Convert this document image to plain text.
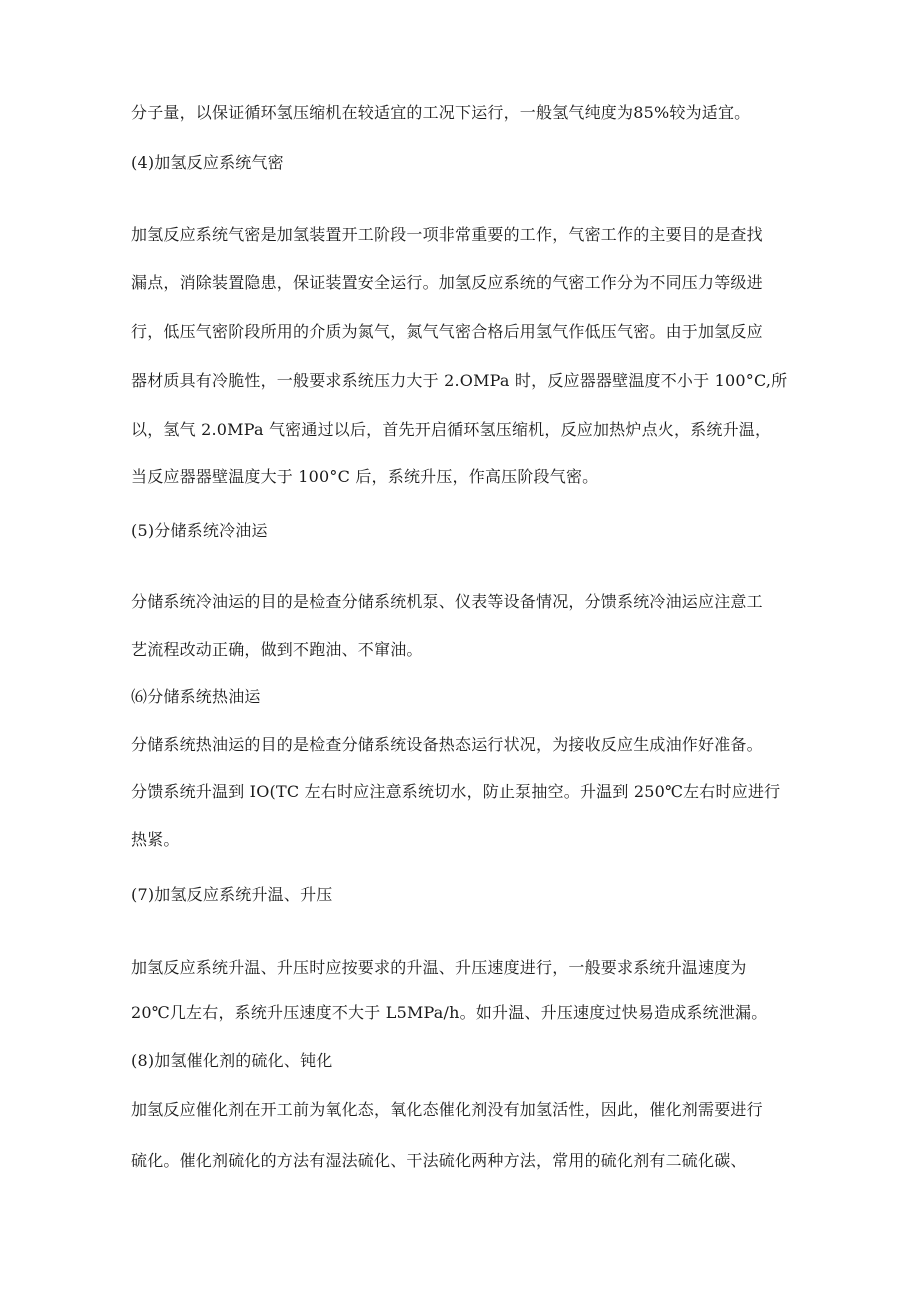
分子量，以保证循环氢压缩机在较适宜的工况下运行，一般氢气纯度为85%较为适宜。
(4)加氢反应系统气密
加氢反应系统气密是加氢装置开工阶段一项非常重要的工作，气密工作的主要目的是查找
漏点，消除装置隐患，保证装置安全运行。加氢反应系统的气密工作分为不同压力等级进
行，低压气密阶段所用的介质为氮气，氮气气密合格后用氢气作低压气密。由于加氢反应
器材质具有冷脆性，一般要求系统压力大于 2.OMPa 时，反应器器壁温度不小于 100°C,所
以，氢气 2.0MPa 气密通过以后，首先开启循环氢压缩机，反应加热炉点火，系统升温，
当反应器器壁温度大于 100°C 后，系统升压，作高压阶段气密。
(5)分储系统冷油运
分储系统冷油运的目的是检查分储系统机泵、仪表等设备情况，分馈系统冷油运应注意工
艺流程改动正确，做到不跑油、不窜油。
⑹分储系统热油运
分储系统热油运的目的是检查分储系统设备热态运行状况，为接收反应生成油作好准备。
分馈系统升温到 IO(TC 左右时应注意系统切水，防止泵抽空。升温到 250℃左右时应进行
热紧。
(7)加氢反应系统升温、升压
加氢反应系统升温、升压时应按要求的升温、升压速度进行，一般要求系统升温速度为
20℃几左右，系统升压速度不大于 L5MPa/h。如升温、升压速度过快易造成系统泄漏。
(8)加氢催化剂的硫化、钝化
加氢反应催化剂在开工前为氧化态，氧化态催化剂没有加氢活性，因此，催化剂需要进行
硫化。催化剂硫化的方法有湿法硫化、干法硫化两种方法，常用的硫化剂有二硫化碳、
